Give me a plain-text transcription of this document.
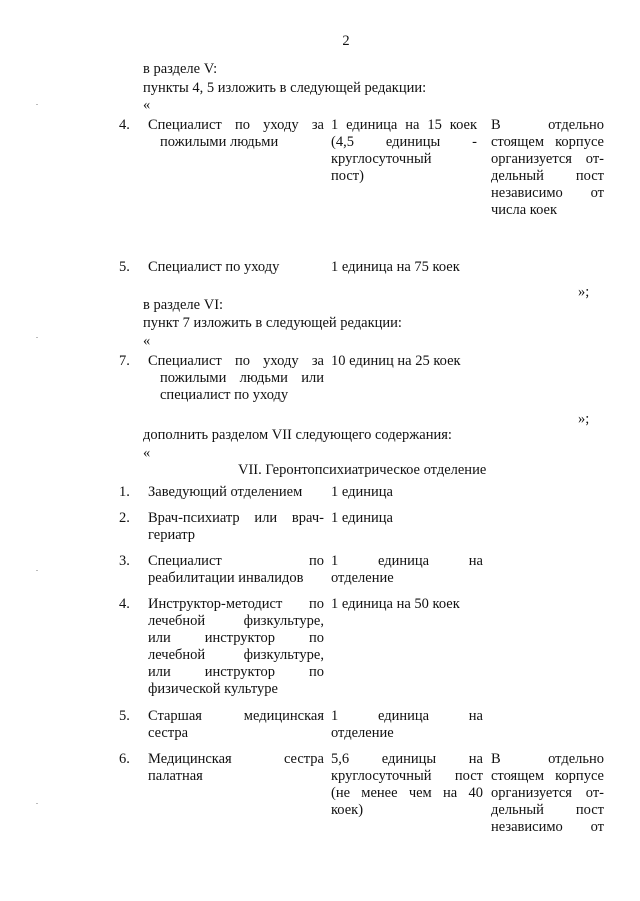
2
в разделе V:
пункты 4, 5 изложить в следующей редакции:
«
4. Специалист по уходу за
пожилыми людьми
1 единица на 15 коек
(4,5 единицы -
круглосуточный
пост)
В отдельно
стоящем корпусе
организуется от-
дельный пост
независимо от
числа коек
5. Специалист по уходу	1 единица на 75 коек
»;
в разделе VI:
пункт 7 изложить в следующей редакции:
«
7. Специалист по уходу за
пожилыми людьми или
специалист по уходу
10 единиц на 25 коек
»;
дополнить разделом VII следующего содержания:
«
VII. Геронтопсихиатрическое отделение
1. Заведующий отделением 1 единица
2. Врач-психиатр или врач-
гериатр
1 единица
3. Специалист по
реабилитации инвалидов
1 единица на
отделение
4. Инструктор-методист по
лечебной физкультуре,
или инструктор по
лечебной физкультуре,
или инструктор по
физической культуре
1 единица на 50 коек
5. Старшая медицинская
сестра
1 единица на
отделение
6. Медицинская сестра
палатная
5,6 единицы на
круглосуточный пост
(не менее чем на 40
коек)
В отдельно
стоящем корпусе
организуется от-
дельный пост
независимо от
